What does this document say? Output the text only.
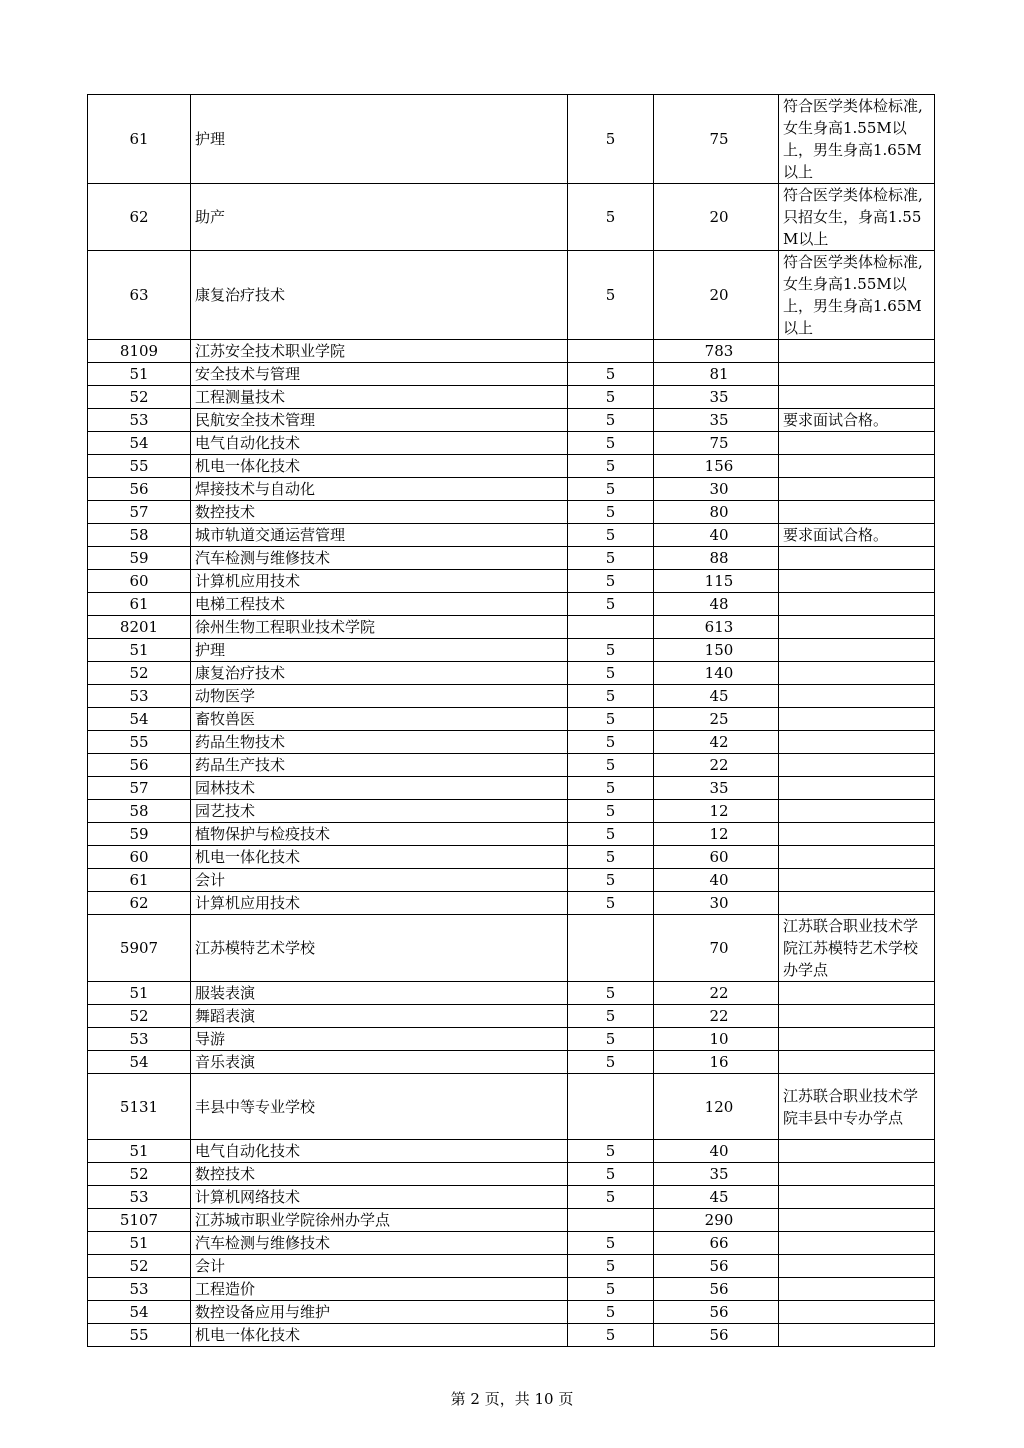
61	护理	5	75	符合医学类体检标准,女生身高1.55M以上，男生身高1.65M以上
62	助产	5	20	符合医学类体检标准,只招女生，身高1.55M以上
63	康复治疗技术	5	20	符合医学类体检标准,女生身高1.55M以上，男生身高1.65M以上
8109	江苏安全技术职业学院		783	
51	安全技术与管理	5	81	
52	工程测量技术	5	35	
53	民航安全技术管理	5	35	要求面试合格。
54	电气自动化技术	5	75	
55	机电一体化技术	5	156	
56	焊接技术与自动化	5	30	
57	数控技术	5	80	
58	城市轨道交通运营管理	5	40	要求面试合格。
59	汽车检测与维修技术	5	88	
60	计算机应用技术	5	115	
61	电梯工程技术	5	48	
8201	徐州生物工程职业技术学院		613	
51	护理	5	150	
52	康复治疗技术	5	140	
53	动物医学	5	45	
54	畜牧兽医	5	25	
55	药品生物技术	5	42	
56	药品生产技术	5	22	
57	园林技术	5	35	
58	园艺技术	5	12	
59	植物保护与检疫技术	5	12	
60	机电一体化技术	5	60	
61	会计	5	40	
62	计算机应用技术	5	30	
5907	江苏模特艺术学校		70	江苏联合职业技术学院江苏模特艺术学校办学点
51	服装表演	5	22	
52	舞蹈表演	5	22	
53	导游	5	10	
54	音乐表演	5	16	
5131	丰县中等专业学校		120	江苏联合职业技术学院丰县中专办学点
51	电气自动化技术	5	40	
52	数控技术	5	35	
53	计算机网络技术	5	45	
5107	江苏城市职业学院徐州办学点		290	
51	汽车检测与维修技术	5	66	
52	会计	5	56	
53	工程造价	5	56	
54	数控设备应用与维护	5	56	
55	机电一体化技术	5	56	
第 2 页，共 10 页
